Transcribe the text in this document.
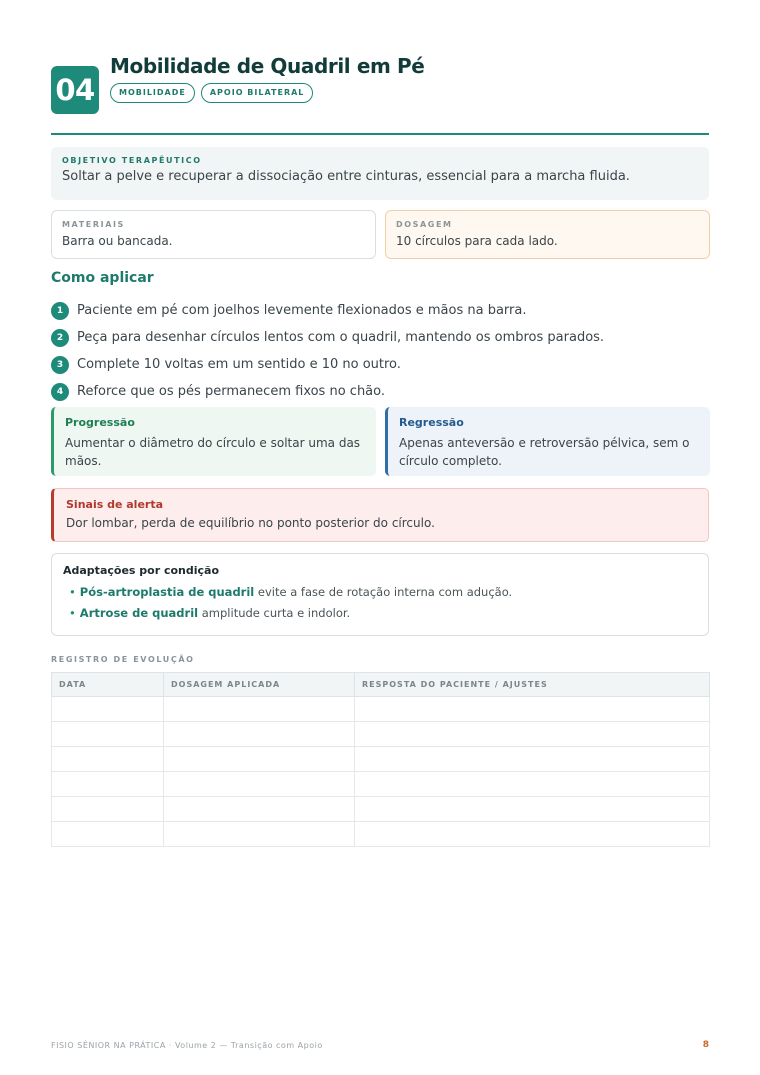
04
Mobilidade de Quadril em Pé
MOBILIDADE	APOIO BILATERAL
OBJETIVO TERAPÊUTICO
Soltar a pelve e recuperar a dissociação entre cinturas, essencial para a marcha fluida.
MATERIAIS
Barra ou bancada.
DOSAGEM
10 círculos para cada lado.
Como aplicar
1	Paciente em pé com joelhos levemente flexionados e mãos na barra.
2	Peça para desenhar círculos lentos com o quadril, mantendo os ombros parados.
3	Complete 10 voltas em um sentido e 10 no outro.
4	Reforce que os pés permanecem fixos no chão.
Progressão
Aumentar o diâmetro do círculo e soltar uma das mãos.
Regressão
Apenas anteversão e retroversão pélvica, sem o círculo completo.
Sinais de alerta
Dor lombar, perda de equilíbrio no ponto posterior do círculo.
Adaptações por condição
• Pós-artroplastia de quadril evite a fase de rotação interna com adução.
• Artrose de quadril amplitude curta e indolor.
REGISTRO DE EVOLUÇÃO
DATA	DOSAGEM APLICADA	RESPOSTA DO PACIENTE / AJUSTES

FISIO SÊNIOR NA PRÁTICA · Volume 2 — Transição com Apoio	8
